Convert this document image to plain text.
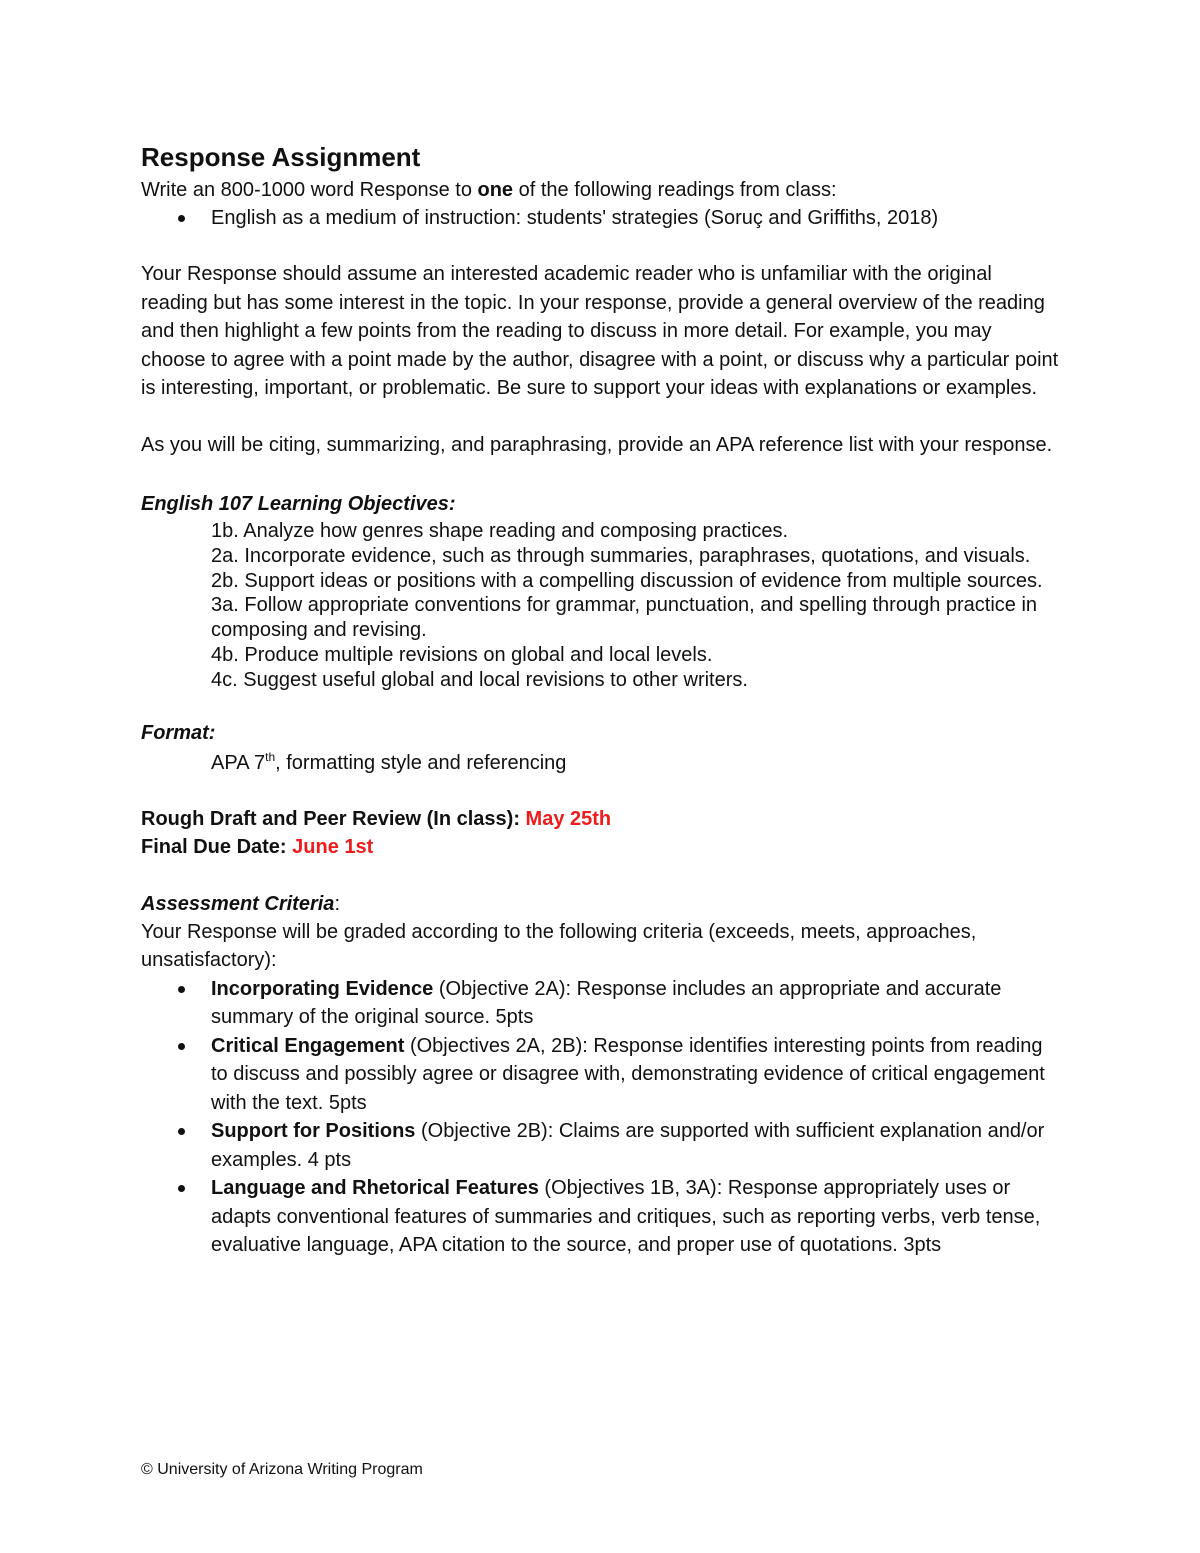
Response Assignment

Write an 800-1000 word Response to one of the following readings from class:

English as a medium of instruction: students' strategies (Soruç and Griffiths, 2018)

Your Response should assume an interested academic reader who is unfamiliar with the original reading but has some interest in the topic. In your response, provide a general overview of the reading and then highlight a few points from the reading to discuss in more detail. For example, you may choose to agree with a point made by the author, disagree with a point, or discuss why a particular point is interesting, important, or problematic. Be sure to support your ideas with explanations or examples.

As you will be citing, summarizing, and paraphrasing, provide an APA reference list with your response.

English 107 Learning Objectives:

1b. Analyze how genres shape reading and composing practices.
2a. Incorporate evidence, such as through summaries, paraphrases, quotations, and visuals.
2b. Support ideas or positions with a compelling discussion of evidence from multiple sources.
3a. Follow appropriate conventions for grammar, punctuation, and spelling through practice in composing and revising.
4b. Produce multiple revisions on global and local levels.
4c. Suggest useful global and local revisions to other writers.

Format:

APA 7th, formatting style and referencing

Rough Draft and Peer Review (In class): May 25th

Final Due Date: June 1st

Assessment Criteria:

Your Response will be graded according to the following criteria (exceeds, meets, approaches, unsatisfactory):

Incorporating Evidence (Objective 2A): Response includes an appropriate and accurate summary of the original source. 5pts
Critical Engagement (Objectives 2A, 2B): Response identifies interesting points from reading to discuss and possibly agree or disagree with, demonstrating evidence of critical engagement with the text. 5pts
Support for Positions (Objective 2B): Claims are supported with sufficient explanation and/or examples. 4 pts
Language and Rhetorical Features (Objectives 1B, 3A): Response appropriately uses or adapts conventional features of summaries and critiques, such as reporting verbs, verb tense, evaluative language, APA citation to the source, and proper use of quotations. 3pts
© University of Arizona Writing Program
